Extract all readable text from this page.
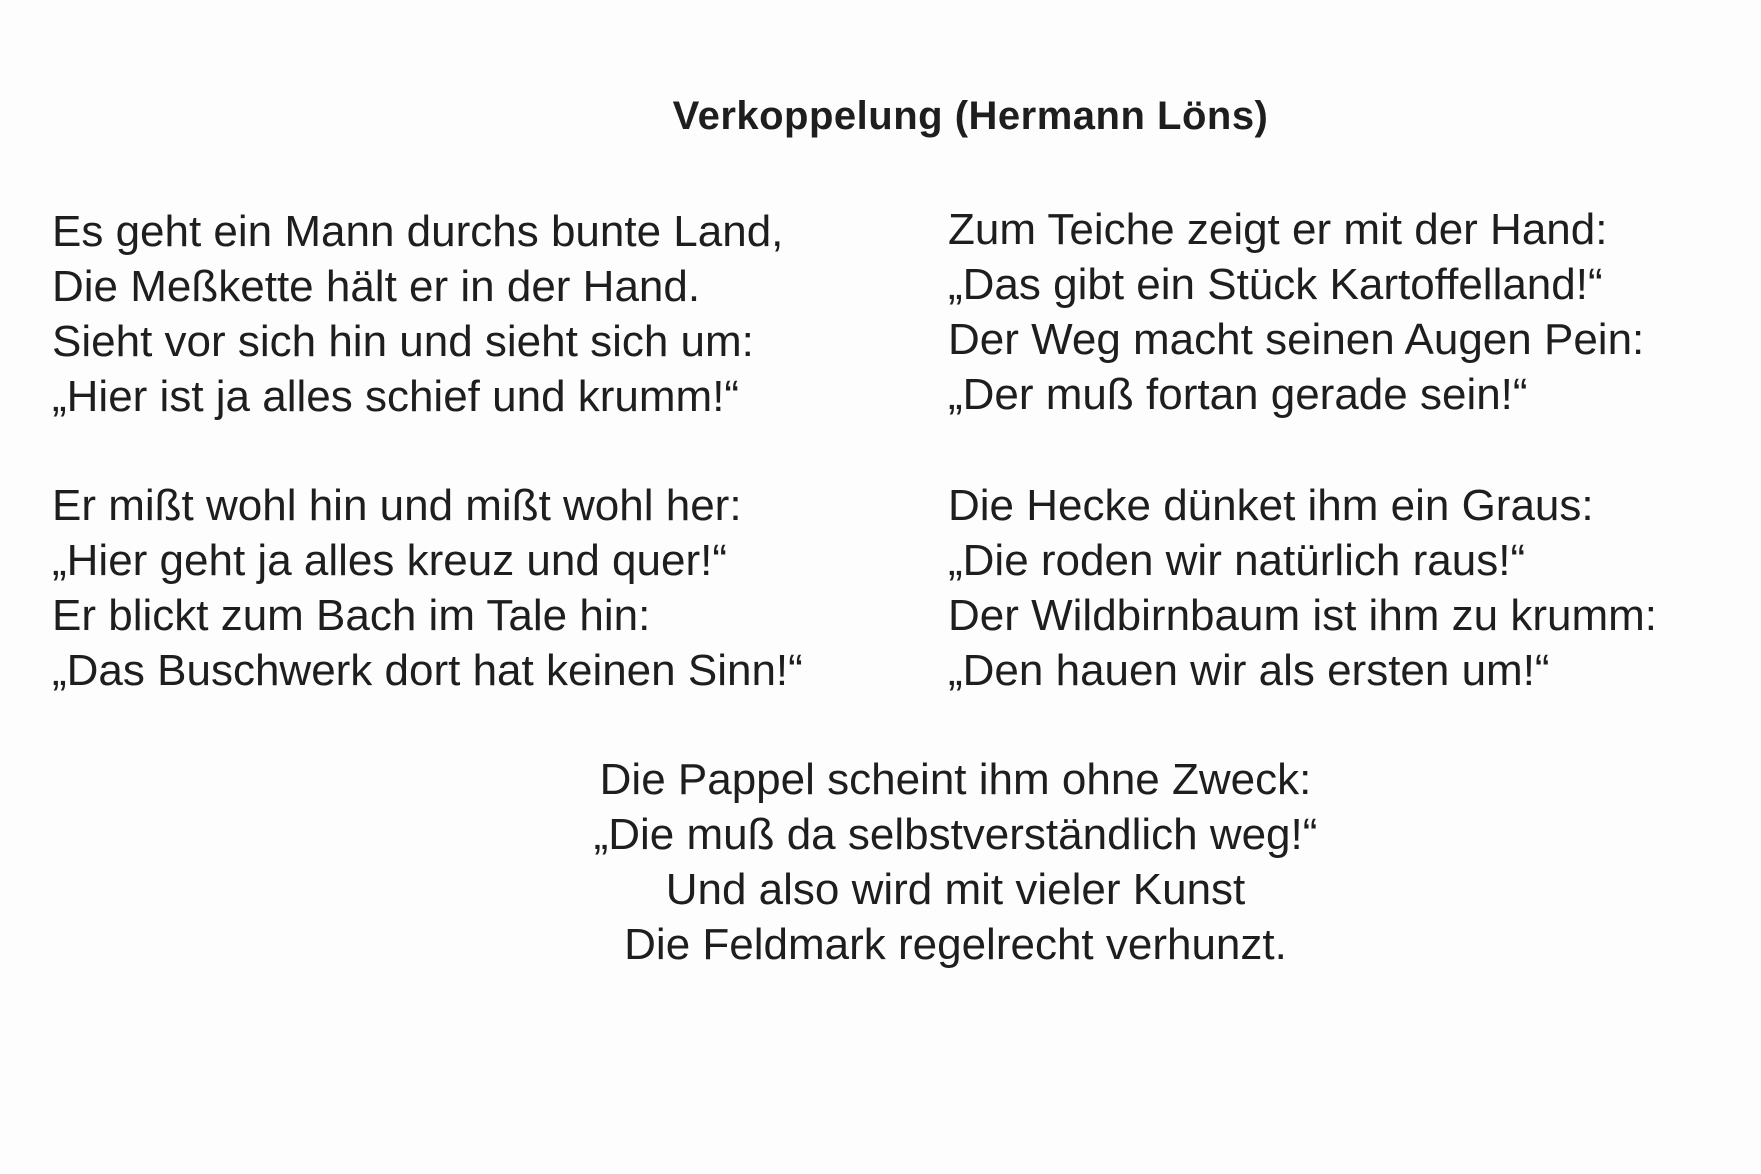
Verkoppelung (Hermann Löns)
Es geht ein Mann durchs bunte Land,
Die Meßkette hält er in der Hand.
Sieht vor sich hin und sieht sich um:
„Hier ist ja alles schief und krumm!“
Zum Teiche zeigt er mit der Hand:
„Das gibt ein Stück Kartoffelland!“
Der Weg macht seinen Augen Pein:
„Der muß fortan gerade sein!“
Er mißt wohl hin und mißt wohl her:
„Hier geht ja alles kreuz und quer!“
Er blickt zum Bach im Tale hin:
„Das Buschwerk dort hat keinen Sinn!“
Die Hecke dünket ihm ein Graus:
„Die roden wir natürlich raus!“
Der Wildbirnbaum ist ihm zu krumm:
„Den hauen wir als ersten um!“
Die Pappel scheint ihm ohne Zweck:
„Die muß da selbstverständlich weg!“
Und also wird mit vieler Kunst
Die Feldmark regelrecht verhunzt.
